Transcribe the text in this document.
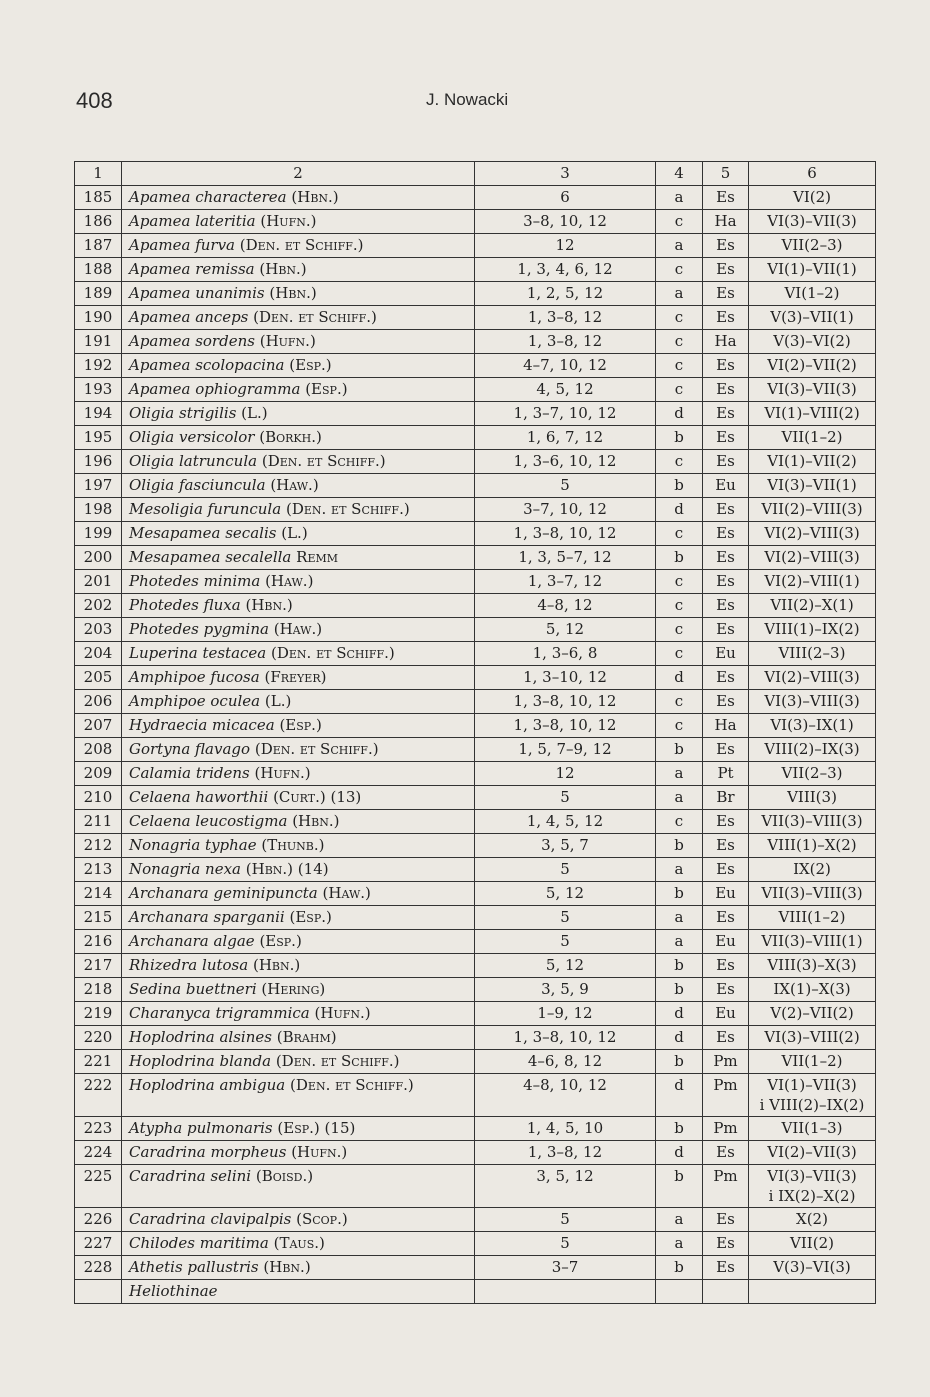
408	J. Nowacki
1	2	3	4	5	6
185	Apamea characterea (Hbn.)	6	a	Es	VI(2)

186	Apamea lateritia (Hufn.)	3–8, 10, 12	c	Ha	VI(3)–VII(3)

187	Apamea furva (Den. et Schiff.)	12	a	Es	VII(2–3)

188	Apamea remissa (Hbn.)	1, 3, 4, 6, 12	c	Es	VI(1)–VII(1)

189	Apamea unanimis (Hbn.)	1, 2, 5, 12	a	Es	VI(1–2)

190	Apamea anceps (Den. et Schiff.)	1, 3–8, 12	c	Es	V(3)–VII(1)

191	Apamea sordens (Hufn.)	1, 3–8, 12	c	Ha	V(3)–VI(2)

192	Apamea scolopacina (Esp.)	4–7, 10, 12	c	Es	VI(2)–VII(2)

193	Apamea ophiogramma (Esp.)	4, 5, 12	c	Es	VI(3)–VII(3)

194	Oligia strigilis (L.)	1, 3–7, 10, 12	d	Es	VI(1)–VIII(2)

195	Oligia versicolor (Borkh.)	1, 6, 7, 12	b	Es	VII(1–2)

196	Oligia latruncula (Den. et Schiff.)	1, 3–6, 10, 12	c	Es	VI(1)–VII(2)

197	Oligia fasciuncula (Haw.)	5	b	Eu	VI(3)–VII(1)

198	Mesoligia furuncula (Den. et Schiff.)	3–7, 10, 12	d	Es	VII(2)–VIII(3)

199	Mesapamea secalis (L.)	1, 3–8, 10, 12	c	Es	VI(2)–VIII(3)

200	Mesapamea secalella Remm	1, 3, 5–7, 12	b	Es	VI(2)–VIII(3)

201	Photedes minima (Haw.)	1, 3–7, 12	c	Es	VI(2)–VIII(1)

202	Photedes fluxa (Hbn.)	4–8, 12	c	Es	VII(2)–X(1)

203	Photedes pygmina (Haw.)	5, 12	c	Es	VIII(1)–IX(2)

204	Luperina testacea (Den. et Schiff.)	1, 3–6, 8	c	Eu	VIII(2–3)

205	Amphipoe fucosa (Freyer)	1, 3–10, 12	d	Es	VI(2)–VIII(3)

206	Amphipoe oculea (L.)	1, 3–8, 10, 12	c	Es	VI(3)–VIII(3)

207	Hydraecia micacea (Esp.)	1, 3–8, 10, 12	c	Ha	VI(3)–IX(1)

208	Gortyna flavago (Den. et Schiff.)	1, 5, 7–9, 12	b	Es	VIII(2)–IX(3)

209	Calamia tridens (Hufn.)	12	a	Pt	VII(2–3)

210	Celaena haworthii (Curt.) (13)	5	a	Br	VIII(3)

211	Celaena leucostigma (Hbn.)	1, 4, 5, 12	c	Es	VII(3)–VIII(3)

212	Nonagria typhae (Thunb.)	3, 5, 7	b	Es	VIII(1)–X(2)

213	Nonagria nexa (Hbn.) (14)	5	a	Es	IX(2)

214	Archanara geminipuncta (Haw.)	5, 12	b	Eu	VII(3)–VIII(3)

215	Archanara sparganii (Esp.)	5	a	Es	VIII(1–2)

216	Archanara algae (Esp.)	5	a	Eu	VII(3)–VIII(1)

217	Rhizedra lutosa (Hbn.)	5, 12	b	Es	VIII(3)–X(3)

218	Sedina buettneri (Hering)	3, 5, 9	b	Es	IX(1)–X(3)

219	Charanyca trigrammica (Hufn.)	1–9, 12	d	Eu	V(2)–VII(2)

220	Hoplodrina alsines (Brahm)	1, 3–8, 10, 12	d	Es	VI(3)–VIII(2)

221	Hoplodrina blanda (Den. et Schiff.)	4–6, 8, 12	b	Pm	VII(1–2)

222	Hoplodrina ambigua (Den. et Schiff.)	4–8, 10, 12	d	Pm	VI(1)–VII(3)
i VIII(2)–IX(2)

223	Atypha pulmonaris (Esp.) (15)	1, 4, 5, 10	b	Pm	VII(1–3)

224	Caradrina morpheus (Hufn.)	1, 3–8, 12	d	Es	VI(2)–VII(3)

225	Caradrina selini (Boisd.)	3, 5, 12	b	Pm	VI(3)–VII(3)
i IX(2)–X(2)

226	Caradrina clavipalpis (Scop.)	5	a	Es	X(2)

227	Chilodes maritima (Taus.)	5	a	Es	VII(2)

228	Athetis pallustris (Hbn.)	3–7	b	Es	V(3)–VI(3)

	Heliothinae				
